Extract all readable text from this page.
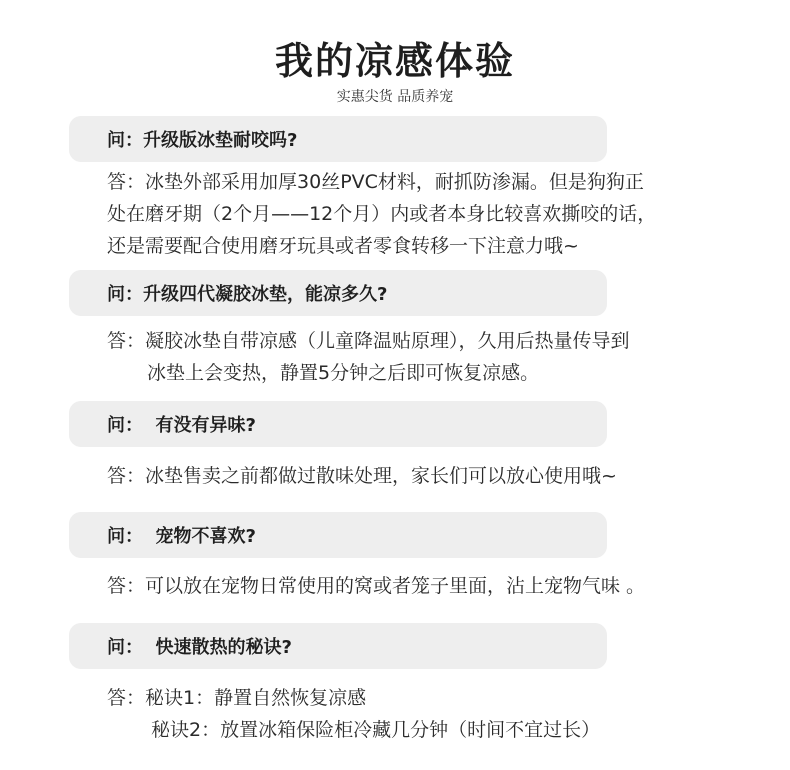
我的凉感体验
实惠尖货 品质养宠
问： 升级版冰垫耐咬吗?
答：冰垫外部采用加厚30丝PVC材料，耐抓防渗漏。但是狗狗正
处在磨牙期（2个月——12个月）内或者本身比较喜欢撕咬的话，
还是需要配合使用磨牙玩具或者零食转移一下注意力哦~
问： 升级四代凝胶冰垫，能凉多久?
答：凝胶冰垫自带凉感（儿童降温贴原理），久用后热量传导到
冰垫上会变热，静置5分钟之后即可恢复凉感。
问： 有没有异味?
答：冰垫售卖之前都做过散味处理，家长们可以放心使用哦~
问： 宠物不喜欢?
答：可以放在宠物日常使用的窝或者笼子里面，沾上宠物气味 。
问： 快速散热的秘诀?
答：秘诀1：静置自然恢复凉感
秘诀2：放置冰箱保险柜冷藏几分钟（时间不宜过长）
